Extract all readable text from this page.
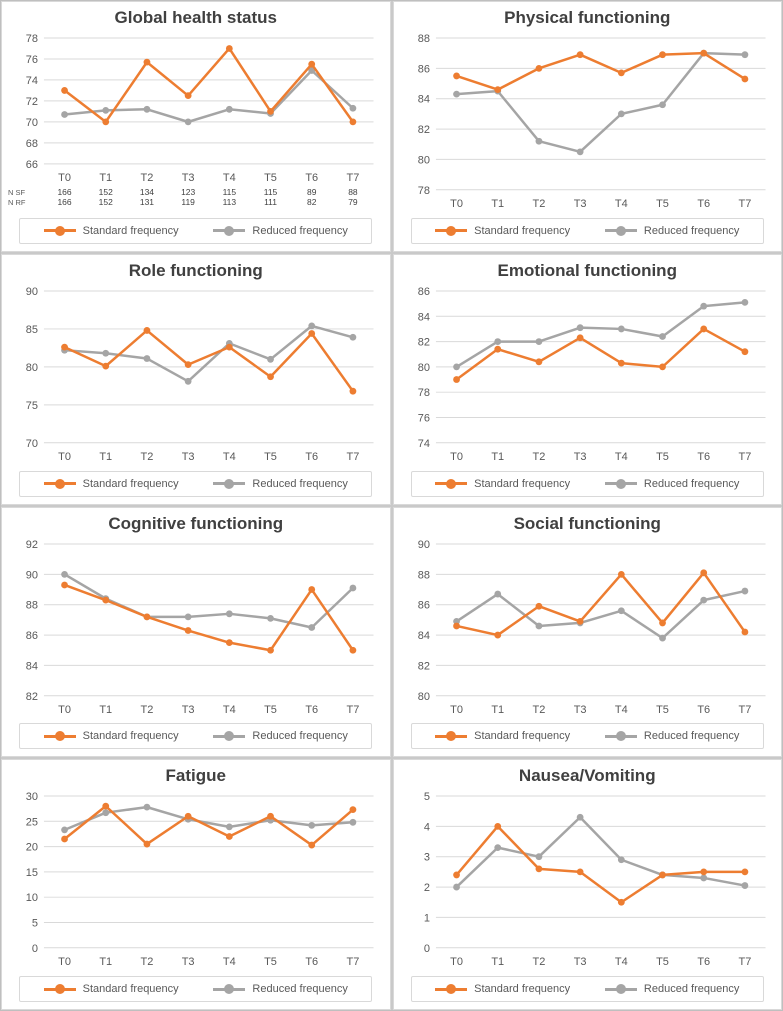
Global health status
66
68
70
72
74
76
78
T0	T1	T2	T3	T4	T5	T6	T7
N SF	166	152	134	123	115	115	89	88
N RF	166	152	131	119	113	111	82	79
Standard frequency	Reduced frequency
Physical functioning
78
80
82
84
86
88
T0	T1	T2	T3	T4	T5	T6	T7
Standard frequency	Reduced frequency
Role functioning
70
75
80
85
90
T0	T1	T2	T3	T4	T5	T6	T7
Standard frequency	Reduced frequency
Emotional functioning
74
76
78
80
82
84
86
T0	T1	T2	T3	T4	T5	T6	T7
Standard frequency	Reduced frequency
Cognitive functioning
82
84
86
88
90
92
T0	T1	T2	T3	T4	T5	T6	T7
Standard frequency	Reduced frequency
Social functioning
80
82
84
86
88
90
T0	T1	T2	T3	T4	T5	T6	T7
Standard frequency	Reduced frequency
Fatigue
0
5
10
15
20
25
30
T0	T1	T2	T3	T4	T5	T6	T7
Standard frequency	Reduced frequency
Nausea/Vomiting
0
1
2
3
4
5
T0	T1	T2	T3	T4	T5	T6	T7
Standard frequency	Reduced frequency
